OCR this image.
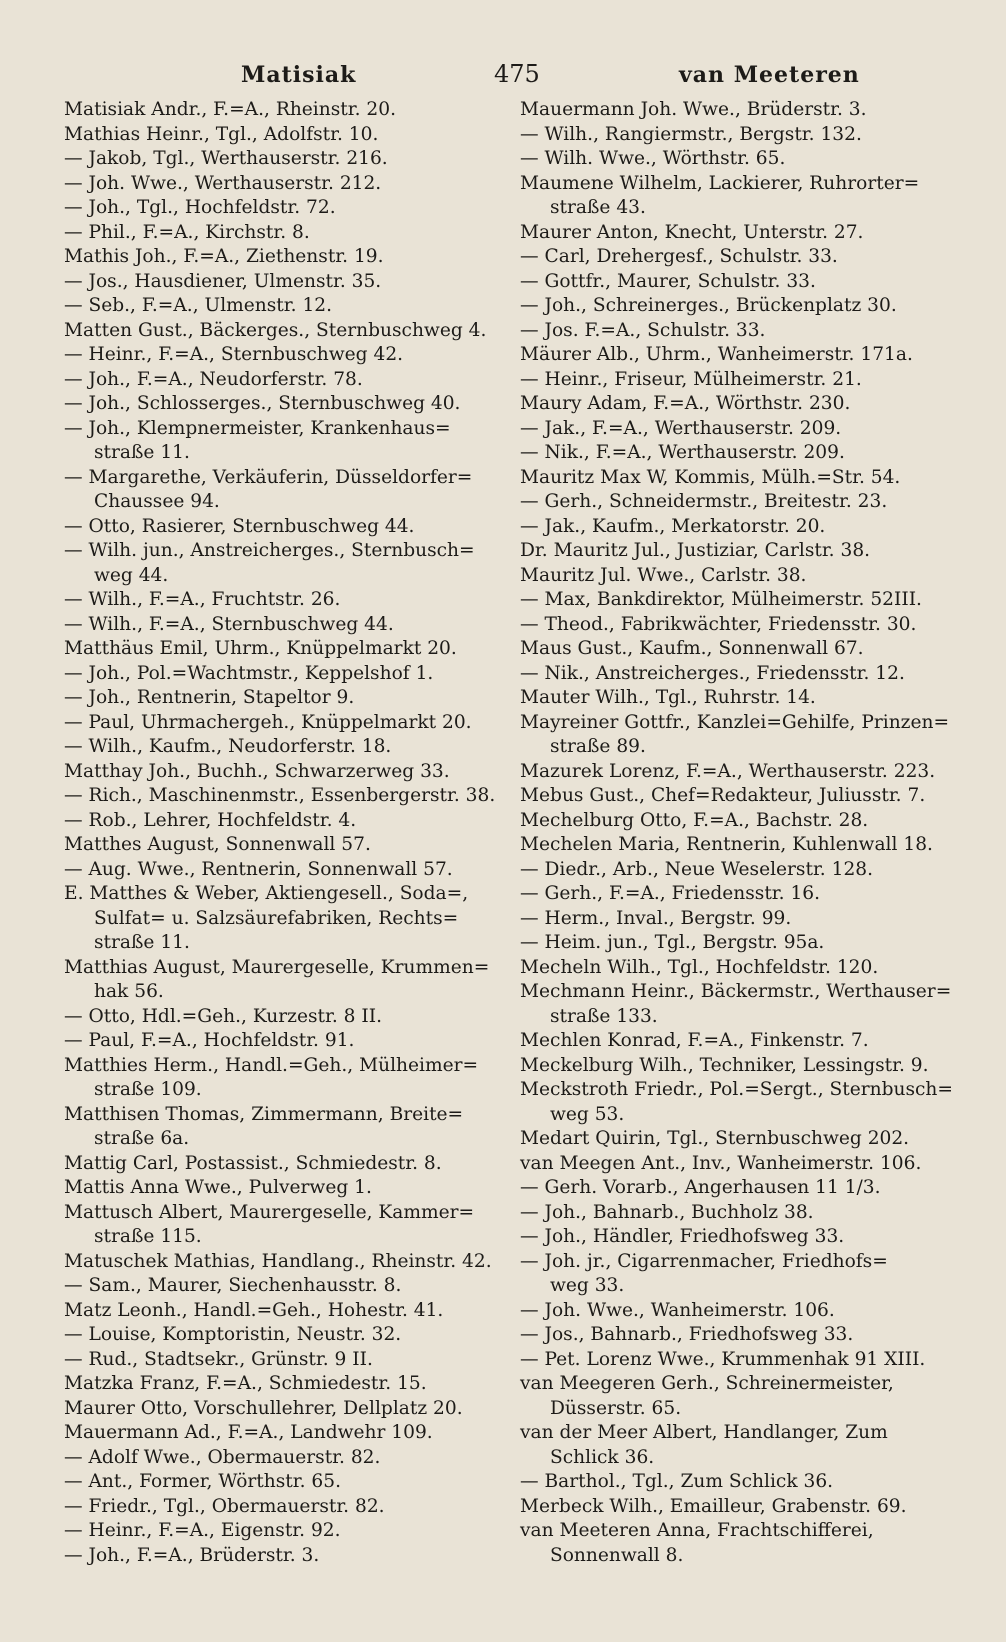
Matisiak	475	van Meeteren
Matisiak Andr., F.=A., Rheinstr. 20.
Mathias Heinr., Tgl., Adolfstr. 10.
— Jakob, Tgl., Werthauserstr. 216.
— Joh. Wwe., Werthauserstr. 212.
— Joh., Tgl., Hochfeldstr. 72.
— Phil., F.=A., Kirchstr. 8.
Mathis Joh., F.=A., Ziethenstr. 19.
— Jos., Hausdiener, Ulmenstr. 35.
— Seb., F.=A., Ulmenstr. 12.
Matten Gust., Bäckerges., Sternbuschweg 4.
— Heinr., F.=A., Sternbuschweg 42.
— Joh., F.=A., Neudorferstr. 78.
— Joh., Schlosserges., Sternbuschweg 40.
— Joh., Klempnermeister, Krankenhaus=
straße 11.
— Margarethe, Verkäuferin, Düsseldorfer=
Chaussee 94.
— Otto, Rasierer, Sternbuschweg 44.
— Wilh. jun., Anstreicherges., Sternbusch=
weg 44.
— Wilh., F.=A., Fruchtstr. 26.
— Wilh., F.=A., Sternbuschweg 44.
Matthäus Emil, Uhrm., Knüppelmarkt 20.
— Joh., Pol.=Wachtmstr., Keppelshof 1.
— Joh., Rentnerin, Stapeltor 9.
— Paul, Uhrmachergeh., Knüppelmarkt 20.
— Wilh., Kaufm., Neudorferstr. 18.
Matthay Joh., Buchh., Schwarzerweg 33.
— Rich., Maschinenmstr., Essenbergerstr. 38.
— Rob., Lehrer, Hochfeldstr. 4.
Matthes August, Sonnenwall 57.
— Aug. Wwe., Rentnerin, Sonnenwall 57.
E. Matthes & Weber, Aktiengesell., Soda=,
Sulfat= u. Salzsäurefabriken, Rechts=
straße 11.
Matthias August, Maurergeselle, Krummen=
hak 56.
— Otto, Hdl.=Geh., Kurzestr. 8 II.
— Paul, F.=A., Hochfeldstr. 91.
Matthies Herm., Handl.=Geh., Mülheimer=
straße 109.
Matthisen Thomas, Zimmermann, Breite=
straße 6a.
Mattig Carl, Postassist., Schmiedestr. 8.
Mattis Anna Wwe., Pulverweg 1.
Mattusch Albert, Maurergeselle, Kammer=
straße 115.
Matuschek Mathias, Handlang., Rheinstr. 42.
— Sam., Maurer, Siechenhausstr. 8.
Matz Leonh., Handl.=Geh., Hohestr. 41.
— Louise, Komptoristin, Neustr. 32.
— Rud., Stadtsekr., Grünstr. 9 II.
Matzka Franz, F.=A., Schmiedestr. 15.
Maurer Otto, Vorschullehrer, Dellplatz 20.
Mauermann Ad., F.=A., Landwehr 109.
— Adolf Wwe., Obermauerstr. 82.
— Ant., Former, Wörthstr. 65.
— Friedr., Tgl., Obermauerstr. 82.
— Heinr., F.=A., Eigenstr. 92.
— Joh., F.=A., Brüderstr. 3.
Mauermann Joh. Wwe., Brüderstr. 3.
— Wilh., Rangiermstr., Bergstr. 132.
— Wilh. Wwe., Wörthstr. 65.
Maumene Wilhelm, Lackierer, Ruhrorter=
straße 43.
Maurer Anton, Knecht, Unterstr. 27.
— Carl, Drehergesf., Schulstr. 33.
— Gottfr., Maurer, Schulstr. 33.
— Joh., Schreinerges., Brückenplatz 30.
— Jos. F.=A., Schulstr. 33.
Mäurer Alb., Uhrm., Wanheimerstr. 171a.
— Heinr., Friseur, Mülheimerstr. 21.
Maury Adam, F.=A., Wörthstr. 230.
— Jak., F.=A., Werthauserstr. 209.
— Nik., F.=A., Werthauserstr. 209.
Mauritz Max W, Kommis, Mülh.=Str. 54.
— Gerh., Schneidermstr., Breitestr. 23.
— Jak., Kaufm., Merkatorstr. 20.
Dr. Mauritz Jul., Justiziar, Carlstr. 38.
Mauritz Jul. Wwe., Carlstr. 38.
— Max, Bankdirektor, Mülheimerstr. 52III.
— Theod., Fabrikwächter, Friedensstr. 30.
Maus Gust., Kaufm., Sonnenwall 67.
— Nik., Anstreicherges., Friedensstr. 12.
Mauter Wilh., Tgl., Ruhrstr. 14.
Mayreiner Gottfr., Kanzlei=Gehilfe, Prinzen=
straße 89.
Mazurek Lorenz, F.=A., Werthauserstr. 223.
Mebus Gust., Chef=Redakteur, Juliusstr. 7.
Mechelburg Otto, F.=A., Bachstr. 28.
Mechelen Maria, Rentnerin, Kuhlenwall 18.
— Diedr., Arb., Neue Weselerstr. 128.
— Gerh., F.=A., Friedensstr. 16.
— Herm., Inval., Bergstr. 99.
— Heim. jun., Tgl., Bergstr. 95a.
Mecheln Wilh., Tgl., Hochfeldstr. 120.
Mechmann Heinr., Bäckermstr., Werthauser=
straße 133.
Mechlen Konrad, F.=A., Finkenstr. 7.
Meckelburg Wilh., Techniker, Lessingstr. 9.
Meckstroth Friedr., Pol.=Sergt., Sternbusch=
weg 53.
Medart Quirin, Tgl., Sternbuschweg 202.
van Meegen Ant., Inv., Wanheimerstr. 106.
— Gerh. Vorarb., Angerhausen 11 1/3.
— Joh., Bahnarb., Buchholz 38.
— Joh., Händler, Friedhofsweg 33.
— Joh. jr., Cigarrenmacher, Friedhofs=
weg 33.
— Joh. Wwe., Wanheimerstr. 106.
— Jos., Bahnarb., Friedhofsweg 33.
— Pet. Lorenz Wwe., Krummenhak 91 XIII.
van Meegeren Gerh., Schreinermeister,
Düsserstr. 65.
van der Meer Albert, Handlanger, Zum
Schlick 36.
— Barthol., Tgl., Zum Schlick 36.
Merbeck Wilh., Emailleur, Grabenstr. 69.
van Meeteren Anna, Frachtschifferei,
Sonnenwall 8.
